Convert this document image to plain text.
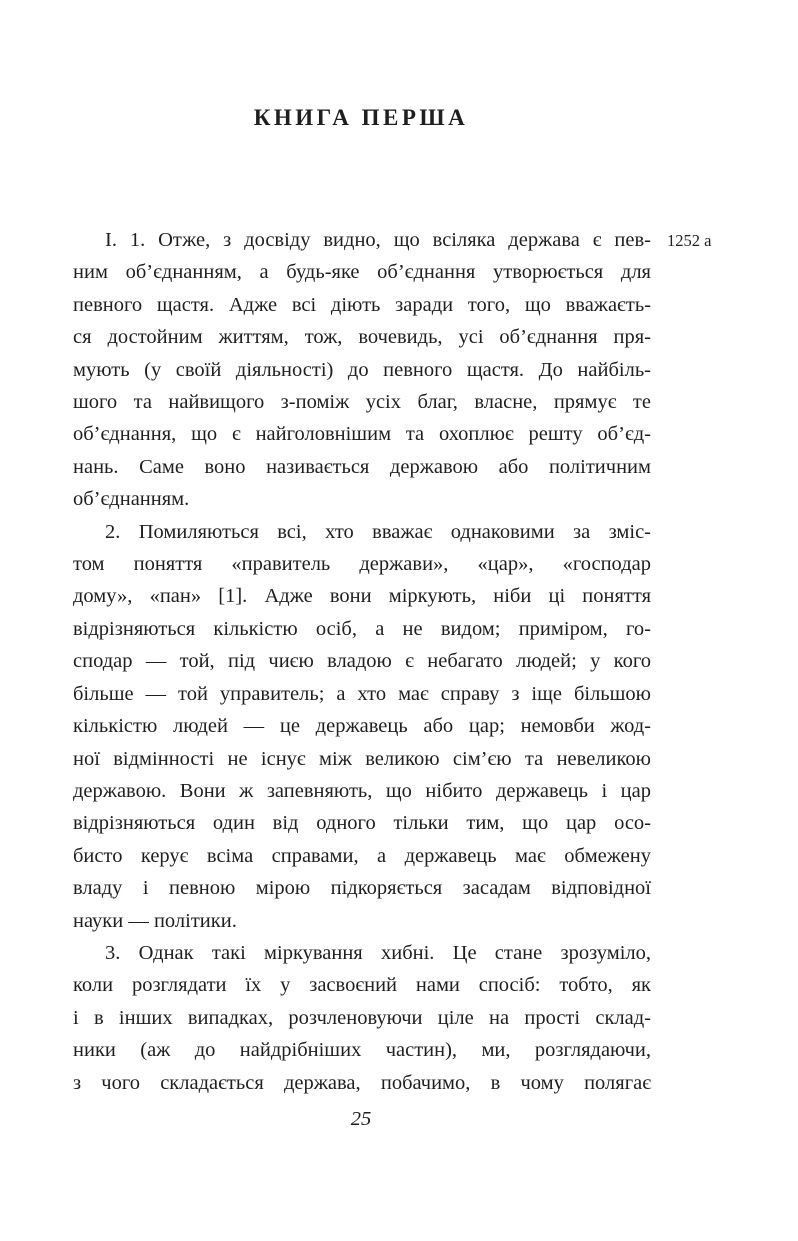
КНИГА ПЕРША
1252 а
І. 1. Отже, з досвіду видно, що всіляка держава є пев-
ним об’єднанням, а будь-яке об’єднання утворюється для
певного щастя. Адже всі діють заради того, що вважаєть-
ся достойним життям, тож, вочевидь, усі об’єднання пря-
мують (у своїй діяльності) до певного щастя. До найбіль-
шого та найвищого з-поміж усіх благ, власне, прямує те
об’єднання, що є найголовнішим та охоплює решту об’єд-
нань. Саме воно називається державою або політичним
об’єднанням.
2. Помиляються всі, хто вважає однаковими за зміс-
том поняття «правитель держави», «цар», «господар
дому», «пан» [1]. Адже вони міркують, ніби ці поняття
відрізняються кількістю осіб, а не видом; приміром, го-
сподар — той, під чиєю владою є небагато людей; у кого
більше — той управитель; а хто має справу з іще більшою
кількістю людей — це державець або цар; немовби жод-
ної відмінності не існує між великою сім’єю та невеликою
державою. Вони ж запевняють, що нібито державець і цар
відрізняються один від одного тільки тим, що цар осо-
бисто керує всіма справами, а державець має обмежену
владу і певною мірою підкоряється засадам відповідної
науки — політики.
3. Однак такі міркування хибні. Це стане зрозуміло,
коли розглядати їх у засвоєний нами спосіб: тобто, як
і в інших випадках, розчленовуючи ціле на прості склад-
ники (аж до найдрібніших частин), ми, розглядаючи,
з чого складається держава, побачимо, в чому полягає
25
